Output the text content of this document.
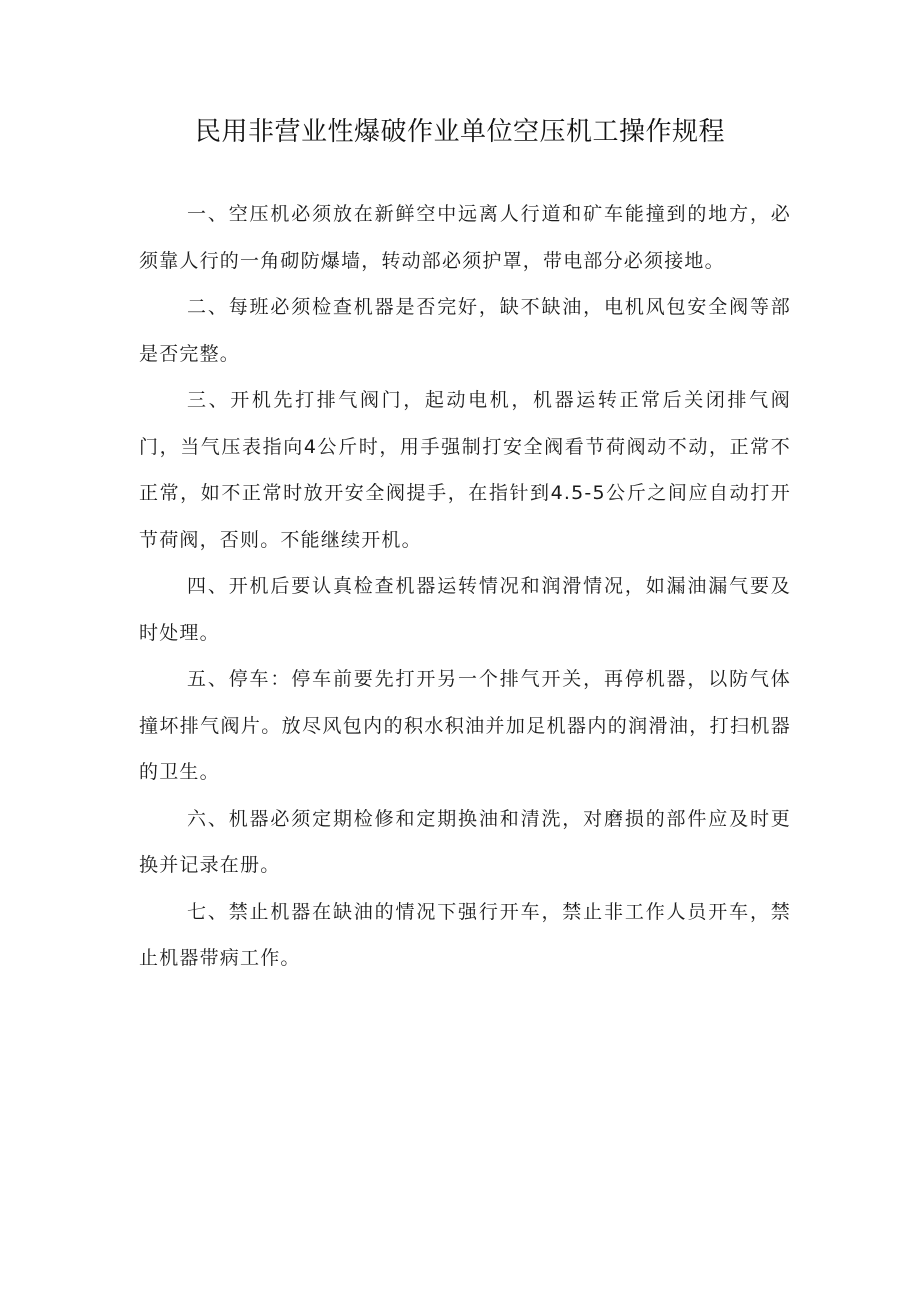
民用非营业性爆破作业单位空压机工操作规程

一、空压机必须放在新鲜空中远离人行道和矿车能撞到的地方，必须靠人行的一角砌防爆墙，转动部必须护罩，带电部分必须接地。

二、每班必须检查机器是否完好，缺不缺油，电机风包安全阀等部是否完整。

三、开机先打排气阀门，起动电机，机器运转正常后关闭排气阀门，当气压表指向4公斤时，用手强制打安全阀看节荷阀动不动，正常不正常，如不正常时放开安全阀提手，在指针到4.5-5公斤之间应自动打开节荷阀，否则。不能继续开机。

四、开机后要认真检查机器运转情况和润滑情况，如漏油漏气要及时处理。

五、停车：停车前要先打开另一个排气开关，再停机器，以防气体撞坏排气阀片。放尽风包内的积水积油并加足机器内的润滑油，打扫机器的卫生。

六、机器必须定期检修和定期换油和清洗，对磨损的部件应及时更换并记录在册。

七、禁止机器在缺油的情况下强行开车，禁止非工作人员开车，禁止机器带病工作。
